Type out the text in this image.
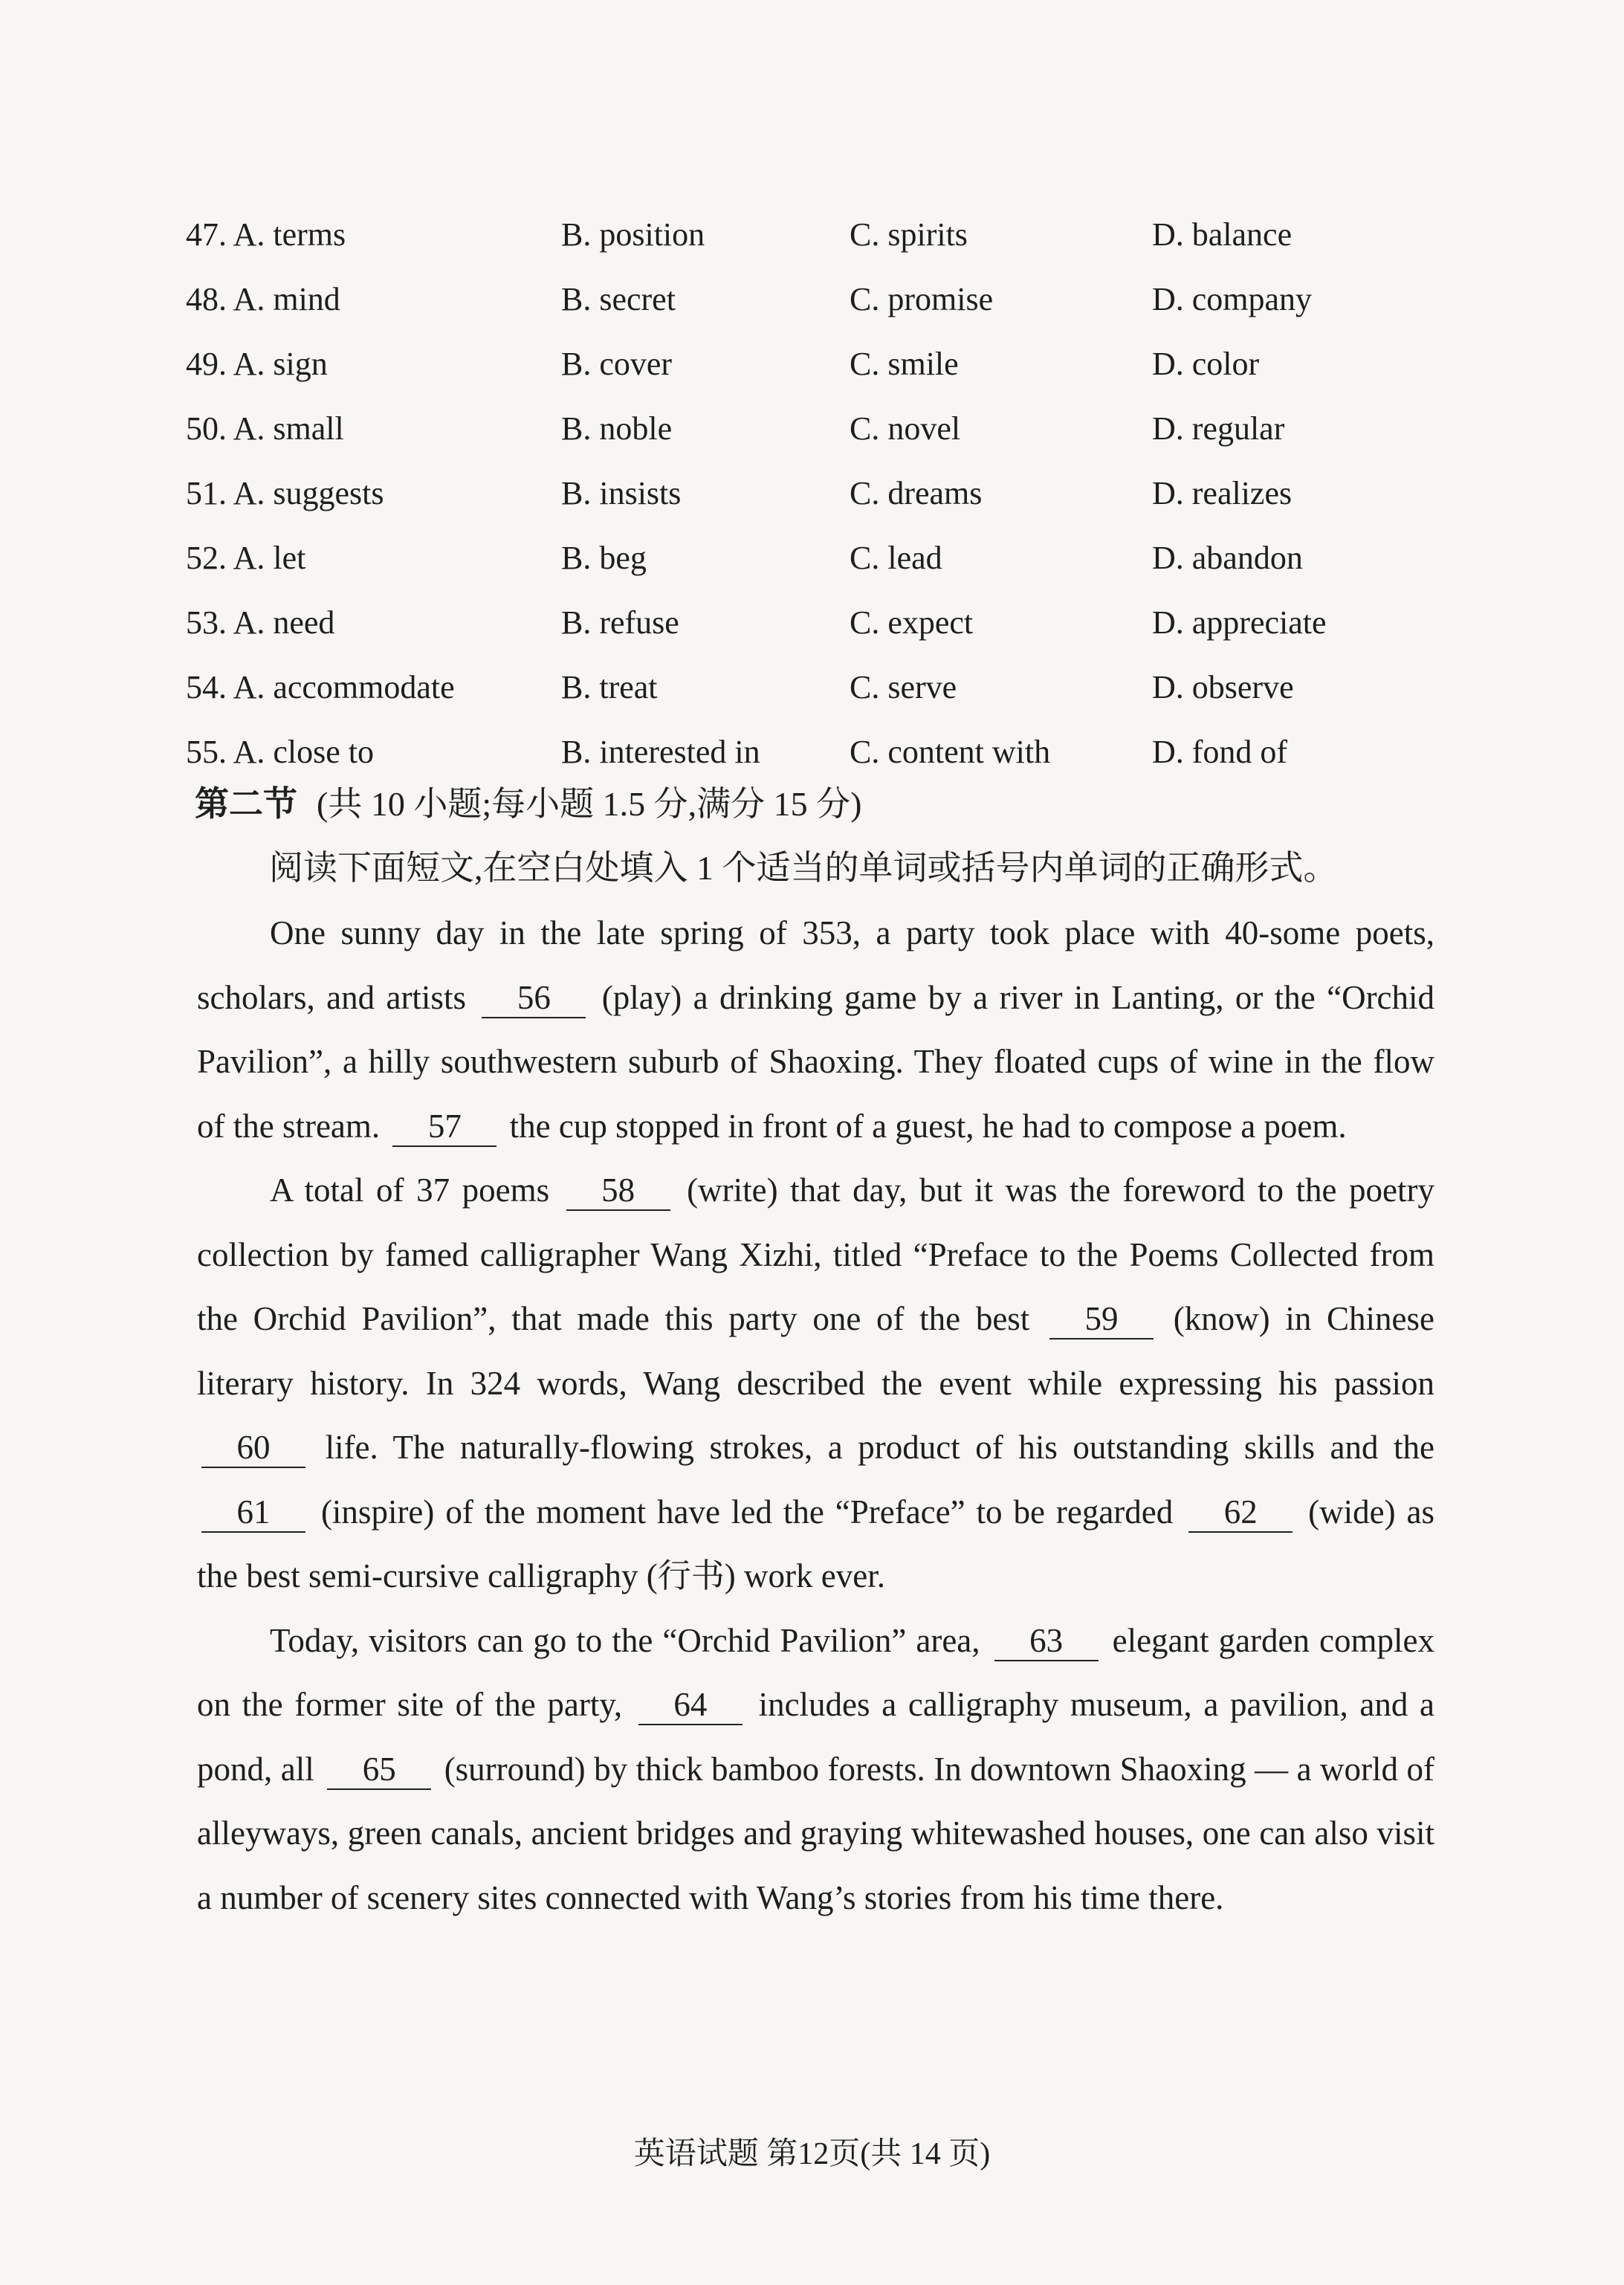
47. A. terms	B. position	C. spirits	D. balance
48. A. mind	B. secret	C. promise	D. company
49. A. sign	B. cover	C. smile	D. color
50. A. small	B. noble	C. novel	D. regular
51. A. suggests	B. insists	C. dreams	D. realizes
52. A. let	B. beg	C. lead	D. abandon
53. A. need	B. refuse	C. expect	D. appreciate
54. A. accommodate	B. treat	C. serve	D. observe
55. A. close to	B. interested in	C. content with	D. fond of
第二节 (共 10 小题;每小题 1.5 分,满分 15 分)
阅读下面短文,在空白处填入 1 个适当的单词或括号内单词的正确形式。

One sunny day in the late spring of 353, a party took place with 40-some poets, scholars, and artists 56 (play) a drinking game by a river in Lanting, or the “Orchid Pavilion”, a hilly southwestern suburb of Shaoxing. They floated cups of wine in the flow of the stream. 57 the cup stopped in front of a guest, he had to compose a poem.

A total of 37 poems 58 (write) that day, but it was the foreword to the poetry collection by famed calligrapher Wang Xizhi, titled “Preface to the Poems Collected from the Orchid Pavilion”, that made this party one of the best 59 (know) in Chinese literary history. In 324 words, Wang described the event while expressing his passion 60 life. The naturally-flowing strokes, a product of his outstanding skills and the 61 (inspire) of the moment have led the “Preface” to be regarded 62 (wide) as the best semi-cursive calligraphy (行书) work ever.

Today, visitors can go to the “Orchid Pavilion” area, 63 elegant garden complex on the former site of the party, 64 includes a calligraphy museum, a pavilion, and a pond, all 65 (surround) by thick bamboo forests. In downtown Shaoxing — a world of alleyways, green canals, ancient bridges and graying whitewashed houses, one can also visit a number of scenery sites connected with Wang’s stories from his time there.

英语试题 第12页(共 14 页)
